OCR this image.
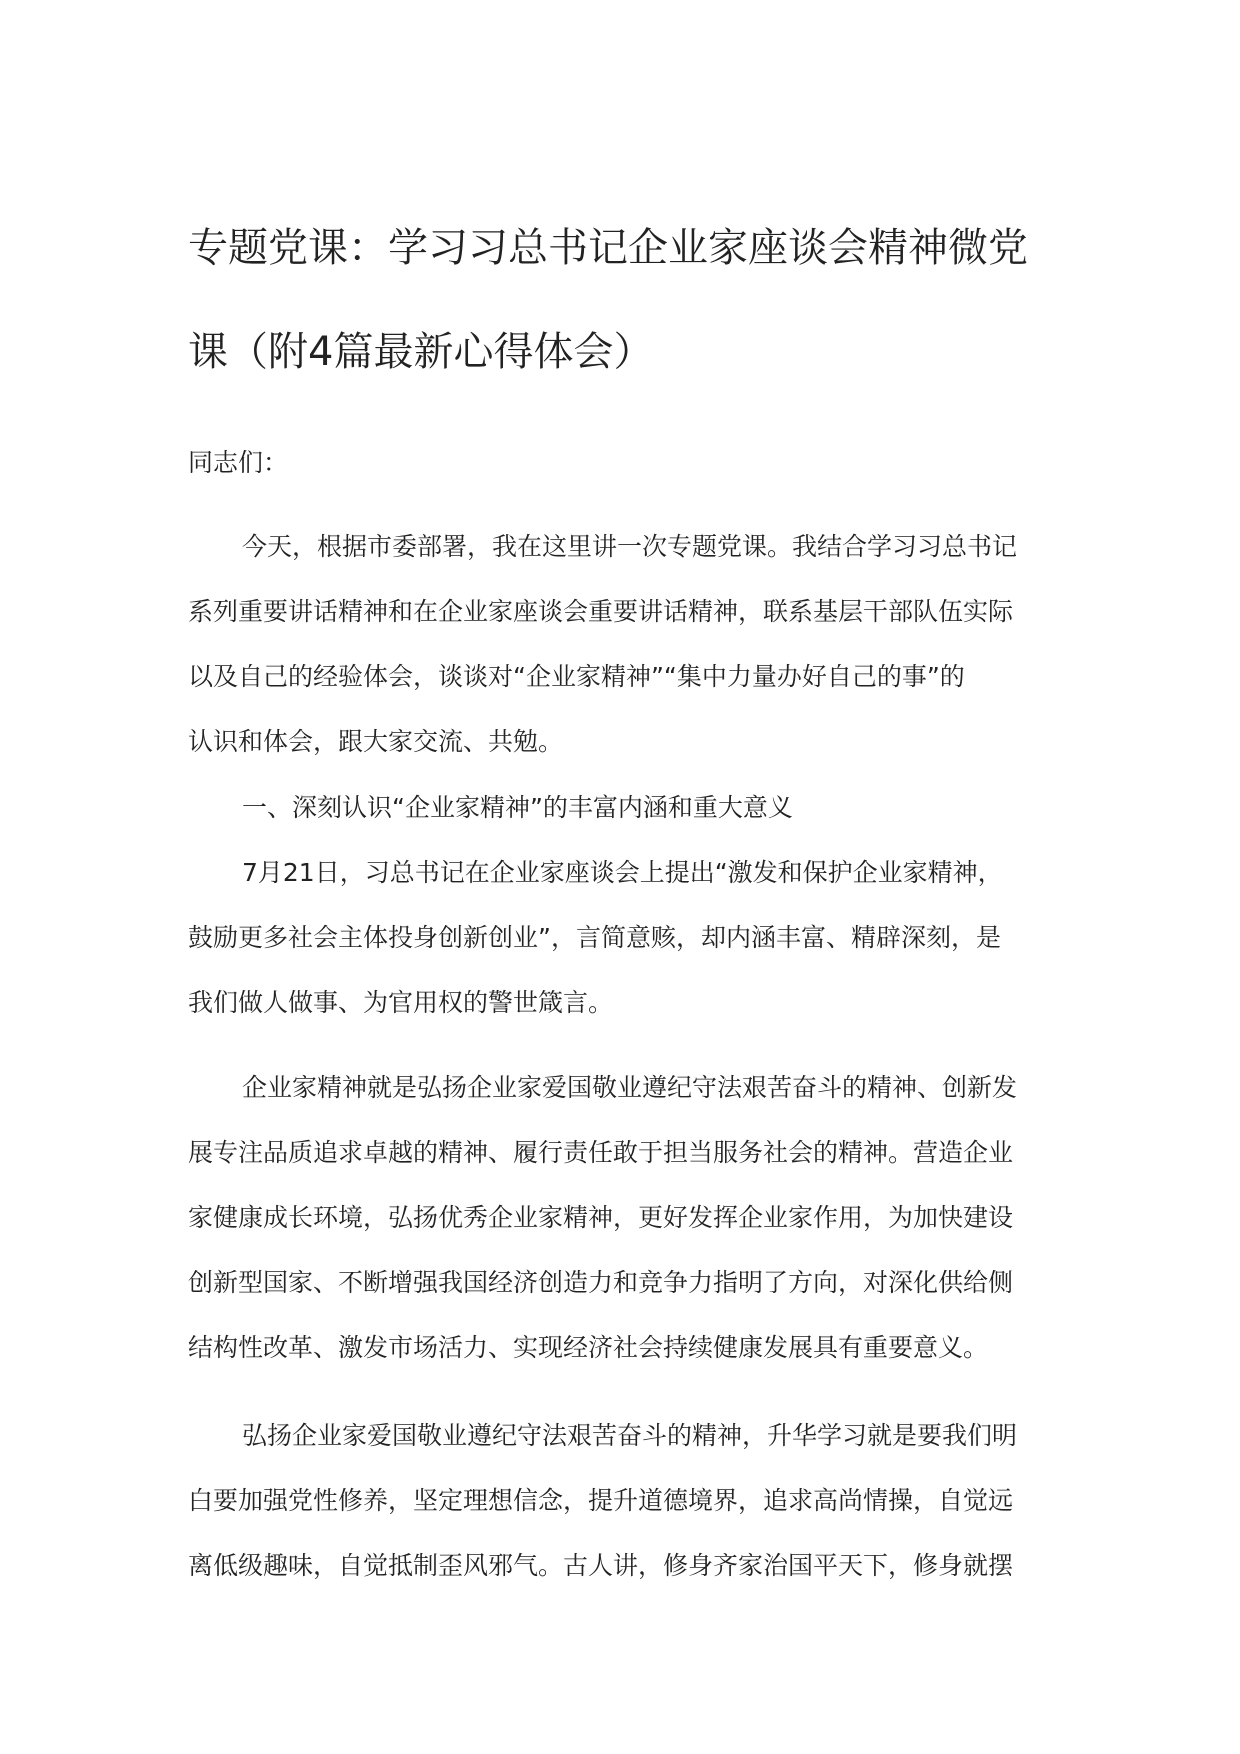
专题党课：学习习总书记企业家座谈会精神微党
课（附4篇最新心得体会）
同志们：
今天，根据市委部署，我在这里讲一次专题党课。我结合学习习总书记
系列重要讲话精神和在企业家座谈会重要讲话精神，联系基层干部队伍实际
以及自己的经验体会，谈谈对“企业家精神”“集中力量办好自己的事”的
认识和体会，跟大家交流、共勉。
一、深刻认识“企业家精神”的丰富内涵和重大意义
7月21日，习总书记在企业家座谈会上提出“激发和保护企业家精神，
鼓励更多社会主体投身创新创业”，言简意赅，却内涵丰富、精辟深刻，是
我们做人做事、为官用权的警世箴言。
企业家精神就是弘扬企业家爱国敬业遵纪守法艰苦奋斗的精神、创新发
展专注品质追求卓越的精神、履行责任敢于担当服务社会的精神。营造企业
家健康成长环境，弘扬优秀企业家精神，更好发挥企业家作用，为加快建设
创新型国家、不断增强我国经济创造力和竞争力指明了方向，对深化供给侧
结构性改革、激发市场活力、实现经济社会持续健康发展具有重要意义。
弘扬企业家爱国敬业遵纪守法艰苦奋斗的精神，升华学习就是要我们明
白要加强党性修养，坚定理想信念，提升道德境界，追求高尚情操，自觉远
离低级趣味，自觉抵制歪风邪气。古人讲，修身齐家治国平天下，修身就摆
